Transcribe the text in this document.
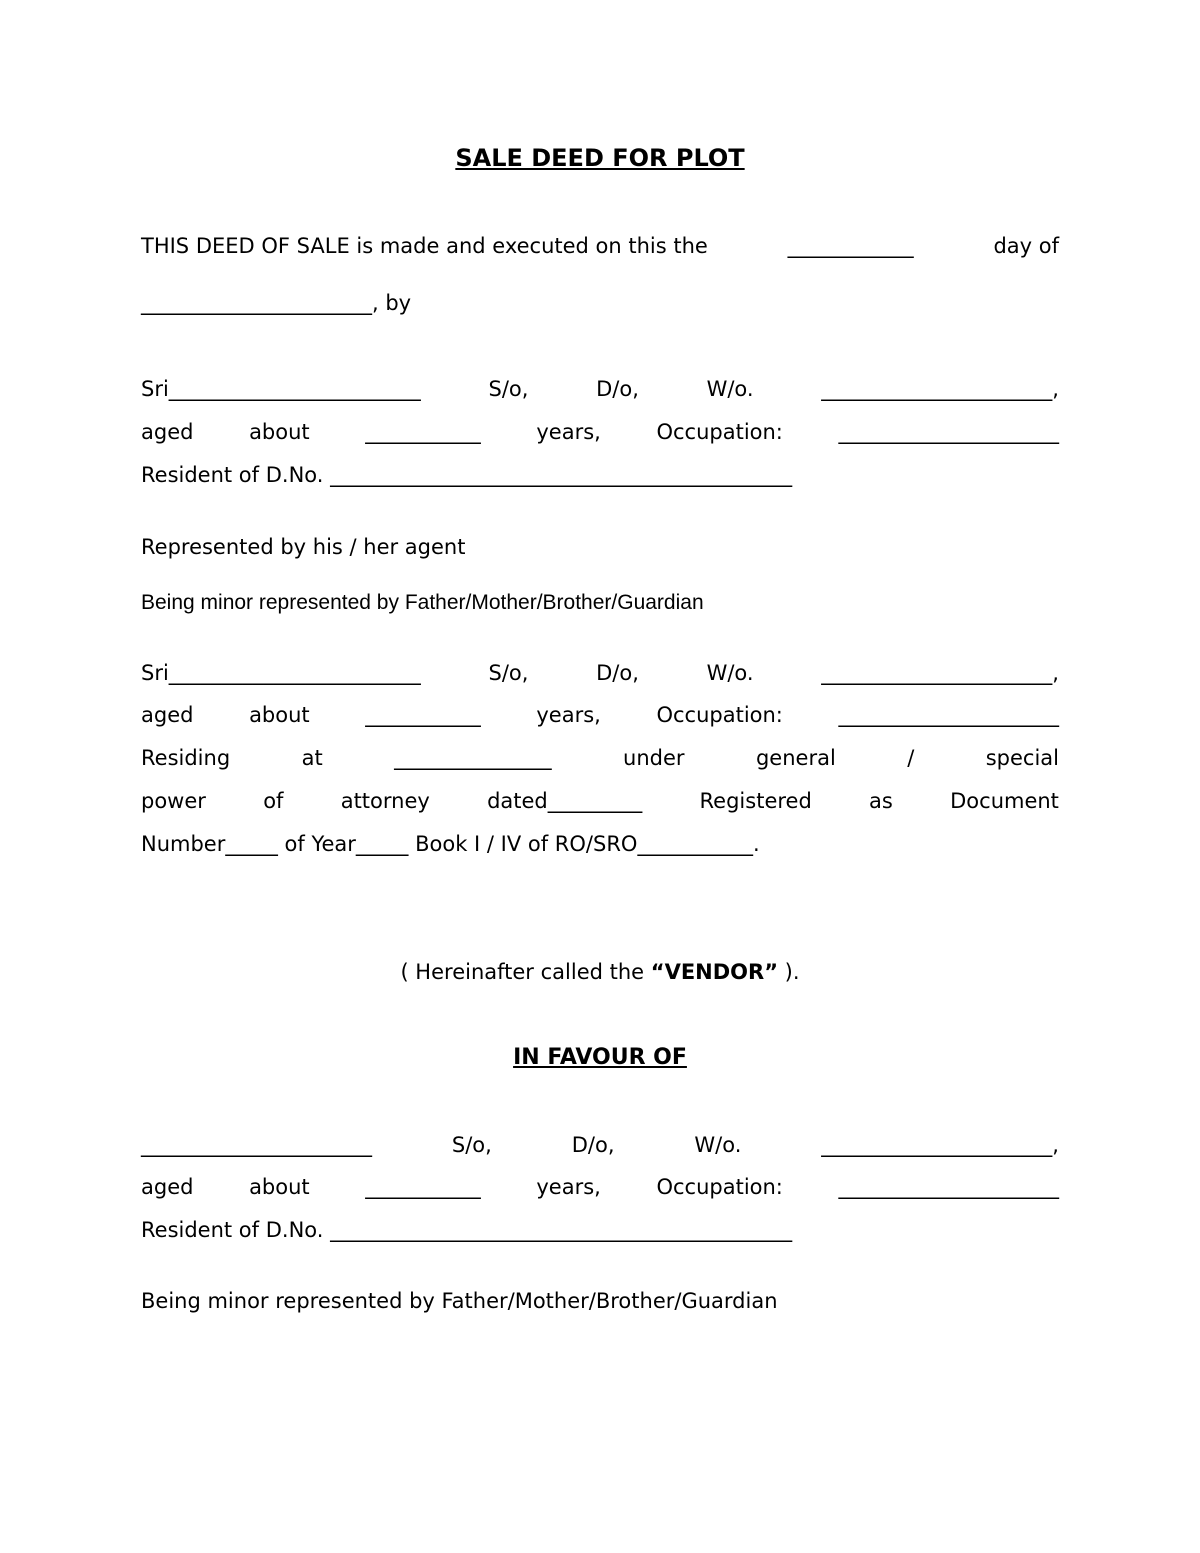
SALE DEED FOR PLOT
THIS DEED OF SALE is made and executed on this the	____________	day of
______________________, by
Sri________________________	S/o,	D/o,	W/o.	______________________,
aged	about	___________	years,	Occupation:	_____________________
Resident of D.No. ____________________________________________
Represented by his / her agent
Being minor represented by Father/Mother/Brother/Guardian
Sri________________________	S/o,	D/o,	W/o.	______________________,
aged	about	___________	years,	Occupation:	_____________________
Residing	at	_______________	under	general	/	special
power	of	attorney	dated_________	Registered	as	Document
Number_____ of Year_____ Book I / IV of RO/SRO___________.
( Hereinafter called the “VENDOR” ).
IN FAVOUR OF
______________________	S/o,	D/o,	W/o.	______________________,
aged	about	___________	years,	Occupation:	_____________________
Resident of D.No. ____________________________________________
Being minor represented by Father/Mother/Brother/Guardian
